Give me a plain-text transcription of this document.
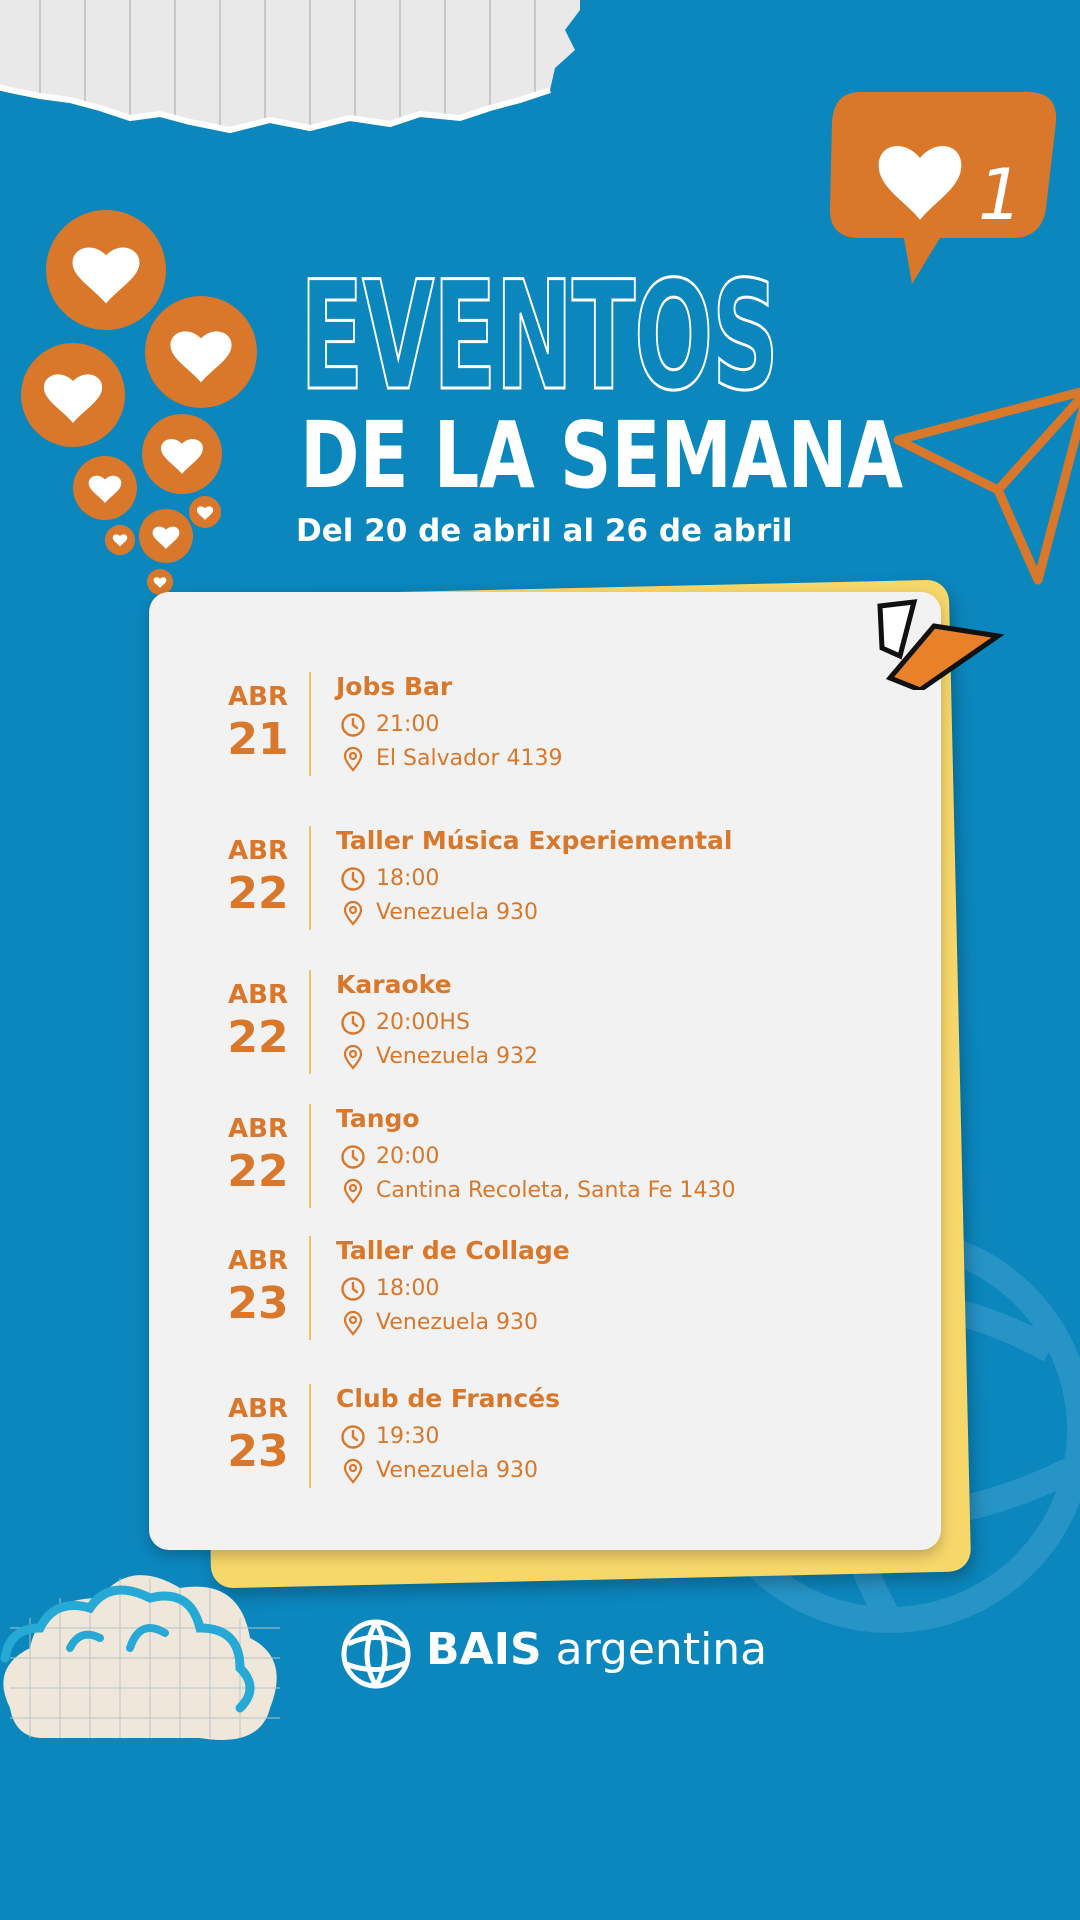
1
EVENTOS
DE LA SEMANA
Del 20 de abril al 26 de abril
ABR
21
Jobs Bar
21:00
El Salvador 4139
ABR
22
Taller Música Experiemental
18:00
Venezuela 930
ABR
22
Karaoke
20:00HS
Venezuela 932
ABR
22
Tango
20:00
Cantina Recoleta, Santa Fe 1430
ABR
23
Taller de Collage
18:00
Venezuela 930
ABR
23
Club de Francés
19:30
Venezuela 930
BAIS argentina
